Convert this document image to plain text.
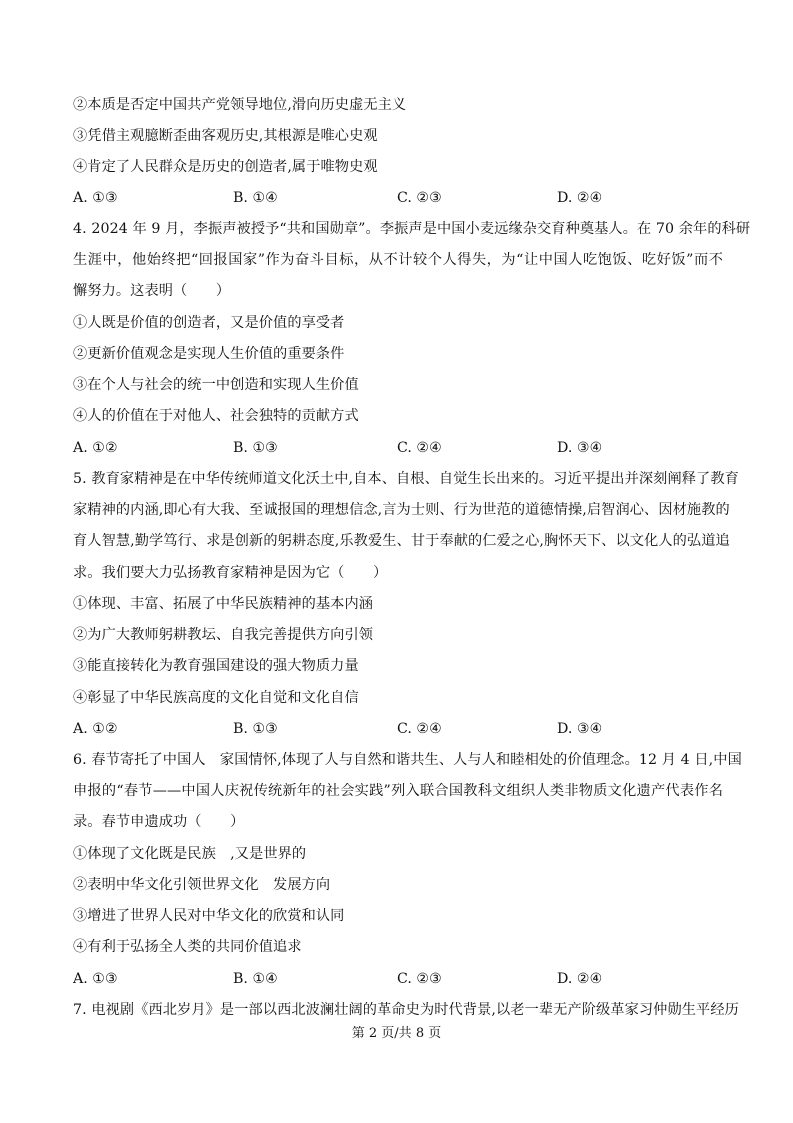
②本质是否定中国共产党领导地位,滑向历史虚无主义
③凭借主观臆断歪曲客观历史,其根源是唯心史观
④肯定了人民群众是历史的创造者,属于唯物史观
A. ①③	B. ①④	C. ②③	D. ②④
4. 2024 年 9 月，李振声被授予“共和国勋章”。李振声是中国小麦远缘杂交育种奠基人。在 70 余年的科研
生涯中，他始终把“回报国家”作为奋斗目标，从不计较个人得失，为“让中国人吃饱饭、吃好饭”而不
懈努力。这表明（　　）
①人既是价值的创造者，又是价值的享受者
②更新价值观念是实现人生价值的重要条件
③在个人与社会的统一中创造和实现人生价值
④人的价值在于对他人、社会独特的贡献方式
A. ①②	B. ①③	C. ②④	D. ③④
5. 教育家精神是在中华传统师道文化沃土中,自本、自根、自觉生长出来的。习近平提出并深刻阐释了教育
家精神的内涵,即心有大我、至诚报国的理想信念,言为士则、行为世范的道德情操,启智润心、因材施教的
育人智慧,勤学笃行、求是创新的躬耕态度,乐教爱生、甘于奉献的仁爱之心,胸怀天下、以文化人的弘道追
求。我们要大力弘扬教育家精神是因为它（　　）
①体现、丰富、拓展了中华民族精神的基本内涵
②为广大教师躬耕教坛、自我完善提供方向引领
③能直接转化为教育强国建设的强大物质力量
④彰显了中华民族高度的文化自觉和文化自信
A. ①②	B. ①③	C. ②④	D. ③④
6. 春节寄托了中国人　家国情怀,体现了人与自然和谐共生、人与人和睦相处的价值理念。12 月 4 日,中国
申报的“春节——中国人庆祝传统新年的社会实践”列入联合国教科文组织人类非物质文化遗产代表作名
录。春节申遗成功（　　）
①体现了文化既是民族　,又是世界的
②表明中华文化引领世界文化　发展方向
③增进了世界人民对中华文化的欣赏和认同
④有利于弘扬全人类的共同价值追求
A. ①③	B. ①④	C. ②③	D. ②④
7. 电视剧《西北岁月》是一部以西北波澜壮阔的革命史为时代背景,以老一辈无产阶级革家习仲勋生平经历
第 2 页/共 8 页
